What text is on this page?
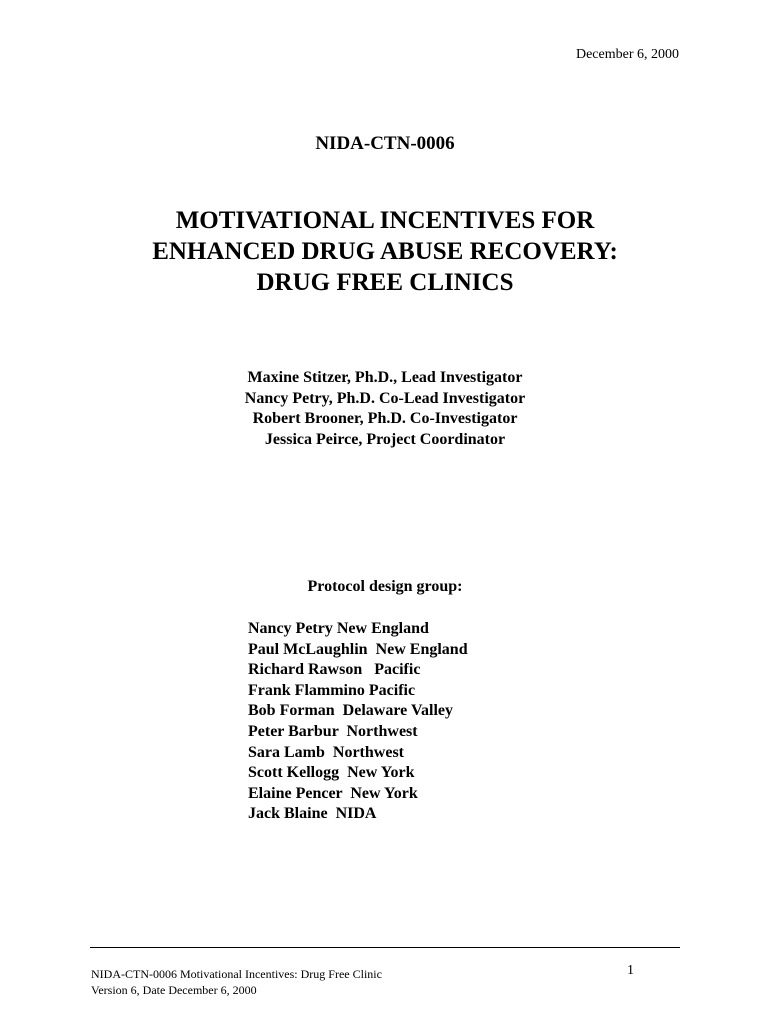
December 6, 2000
NIDA-CTN-0006
MOTIVATIONAL INCENTIVES FOR
ENHANCED DRUG ABUSE RECOVERY:
DRUG FREE CLINICS
Maxine Stitzer, Ph.D., Lead Investigator
Nancy Petry, Ph.D. Co-Lead Investigator
Robert Brooner, Ph.D. Co-Investigator
Jessica Peirce, Project Coordinator
Protocol design group:
Nancy Petry New England
Paul McLaughlin  New England
Richard Rawson   Pacific
Frank Flammino Pacific
Bob Forman  Delaware Valley
Peter Barbur  Northwest
Sara Lamb  Northwest
Scott Kellogg  New York
Elaine Pencer  New York
Jack Blaine  NIDA
NIDA-CTN-0006 Motivational Incentives: Drug Free Clinic
Version 6, Date December 6, 2000
1
